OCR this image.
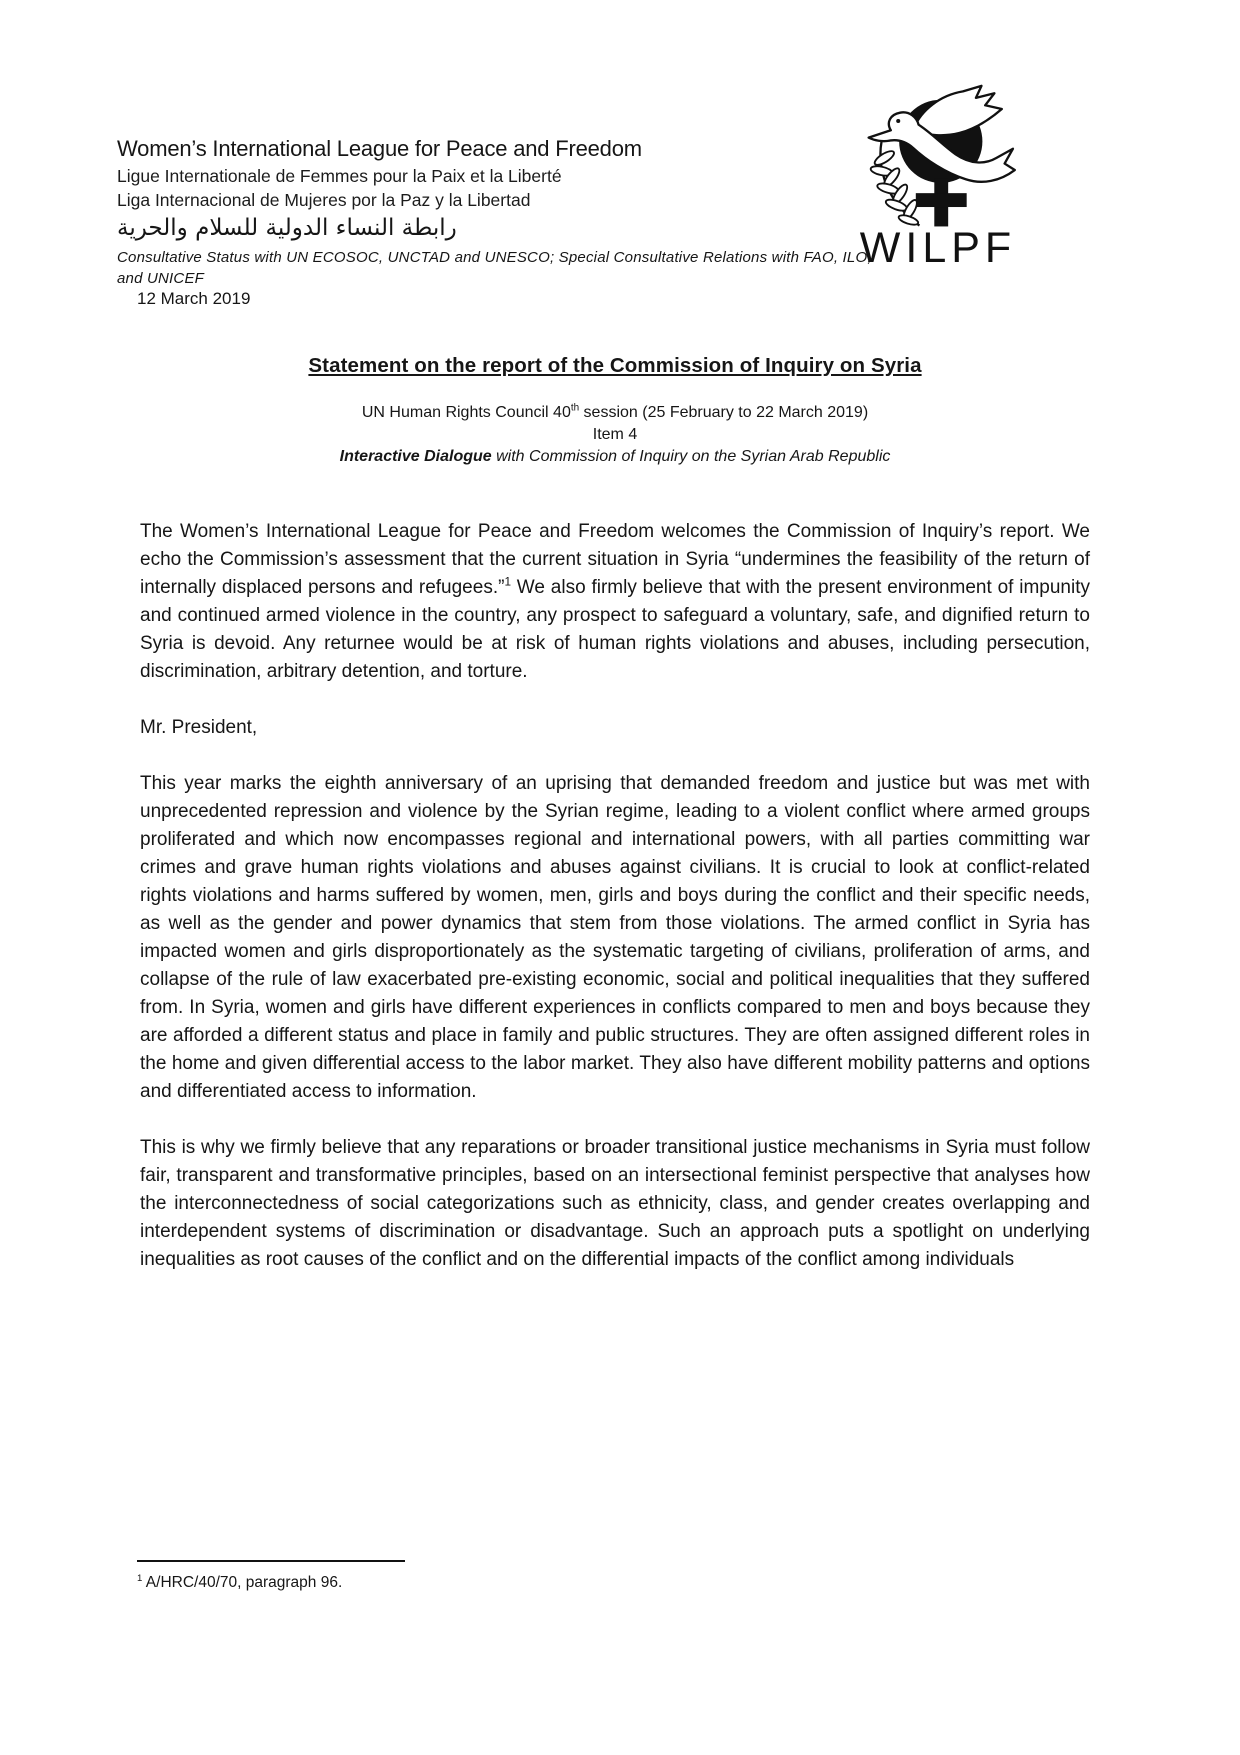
Women’s International League for Peace and Freedom
Ligue Internationale de Femmes pour la Paix et la Liberté
Liga Internacional de Mujeres por la Paz y la Libertad
رابطة النساء الدولية للسلام والحرية
Consultative Status with UN ECOSOC, UNCTAD and UNESCO; Special Consultative Relations with FAO, ILO, and UNICEF
WILPF
12 March 2019
Statement on the report of the Commission of Inquiry on Syria
UN Human Rights Council 40th session (25 February to 22 March 2019)
Item 4
Interactive Dialogue with Commission of Inquiry on the Syrian Arab Republic

The Women’s International League for Peace and Freedom welcomes the Commission of Inquiry’s report. We echo the Commission’s assessment that the current situation in Syria “undermines the feasibility of the return of internally displaced persons and refugees.”$^1$ We also firmly believe that with the present environment of impunity and continued armed violence in the country, any prospect to safeguard a voluntary, safe, and dignified return to Syria is devoid. Any returnee would be at risk of human rights violations and abuses, including persecution, discrimination, arbitrary detention, and torture.

Mr. President,

This year marks the eighth anniversary of an uprising that demanded freedom and justice but was met with unprecedented repression and violence by the Syrian regime, leading to a violent conflict where armed groups proliferated and which now encompasses regional and international powers, with all parties committing war crimes and grave human rights violations and abuses against civilians. It is crucial to look at conflict-related rights violations and harms suffered by women, men, girls and boys during the conflict and their specific needs, as well as the gender and power dynamics that stem from those violations. The armed conflict in Syria has impacted women and girls disproportionately as the systematic targeting of civilians, proliferation of arms, and collapse of the rule of law exacerbated pre-existing economic, social and political inequalities that they suffered from. In Syria, women and girls have different experiences in conflicts compared to men and boys because they are afforded a different status and place in family and public structures. They are often assigned different roles in the home and given differential access to the labor market. They also have different mobility patterns and options and differentiated access to information.

This is why we firmly believe that any reparations or broader transitional justice mechanisms in Syria must follow fair, transparent and transformative principles, based on an intersectional feminist perspective that analyses how the interconnectedness of social categorizations such as ethnicity, class, and gender creates overlapping and interdependent systems of discrimination or disadvantage. Such an approach puts a spotlight on underlying inequalities as root causes of the conflict and on the differential impacts of the conflict among individuals

$^1$ A/HRC/40/70, paragraph 96.
